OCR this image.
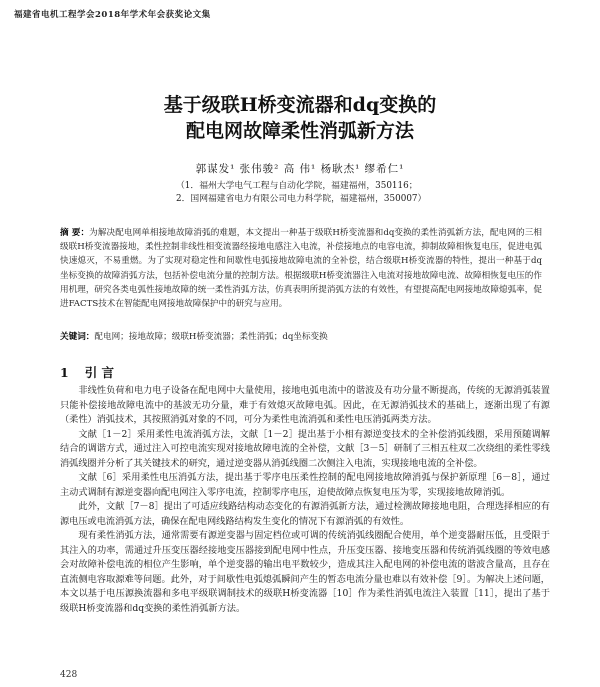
福建省电机工程学会2018年学术年会获奖论文集
基于级联H桥变流器和dq变换的
配电网故障柔性消弧新方法
郭谋发¹ 张伟骏² 高 伟¹ 杨耿杰¹ 缪希仁¹
（1．福州大学电气工程与自动化学院，福建福州，350116；
2．国网福建省电力有限公司电力科学院，福建福州，350007）
摘 要：为解决配电网单相接地故障消弧的难题，本文提出一种基于级联H桥变流器和dq变换的柔性消弧新方法，配电网的三相级联H桥变流器接地，柔性控制非线性相变流器经接地电感注入电流，补偿接地点的电容电流，抑制故障相恢复电压，促进电弧快速熄灭，不易重燃。为了实现对稳定性和间歇性电弧接地故障电流的全补偿，结合级联H桥变流器的特性，提出一种基于dq坐标变换的故障消弧方法，包括补偿电流分量的控制方法。根据级联H桥变流器注入电流对接地故障电流、故障相恢复电压的作用机理，研究各类电弧性接地故障的统一柔性消弧方法，仿真表明所提消弧方法的有效性，有望提高配电网接地故障熄弧率，促进FACTS技术在智能配电网接地故障保护中的研究与应用。
关键词：配电网；接地故障；级联H桥变流器；柔性消弧；dq坐标变换
1 引 言

非线性负荷和电力电子设备在配电网中大量使用，接地电弧电流中的谐波及有功分量不断提高，传统的无源消弧装置只能补偿接地故障电流中的基波无功分量，难于有效熄灭故障电弧。因此，在无源消弧技术的基础上，逐渐出现了有源（柔性）消弧技术，其按照消弧对象的不同，可分为柔性电流消弧和柔性电压消弧两类方法。

文献［1－2］采用柔性电流消弧方法，文献［1－2］提出基于小相有源逆变技术的全补偿消弧线圈，采用预随调解结合的调谐方式，通过注入可控电流实现对接地故障电流的全补偿，文献［3－5］研制了三相五柱双二次绕组的柔性零线消弧线圈并分析了其关键技术的研究，通过逆变器从消弧线圈二次侧注入电流，实现接地电流的全补偿。

文献［6］采用柔性电压消弧方法，提出基于零序电压柔性控制的配电网接地故障消弧与保护新原理［6－8］，通过主动式调制有源逆变器向配电网注入零序电流，控制零序电压，迫使故障点恢复电压为零，实现接地故障消弧。

此外，文献［7－8］提出了可适应线路结构动态变化的有源消弧新方法，通过检测故障接地电阻，合理选择相应的有源电压或电流消弧方法，确保在配电网线路结构发生变化的情况下有源消弧的有效性。

现有柔性消弧方法，通常需要有源逆变器与固定档位或可调的传统消弧线圈配合使用，单个逆变器耐压低，且受限于其注入的功率，需通过升压变压器经接地变压器接到配电网中性点，升压变压器、接地变压器和传统消弧线圈的等效电感会对故障补偿电流的相位产生影响，单个逆变器的输出电平数较少，造成其注入配电网的补偿电流的谐波含量高，且存在直流侧电容取源难等问题。此外，对于间歇性电弧熄弧瞬间产生的暂态电流分量也难以有效补偿［9］。为解决上述问题，本文以基于电压源换流器和多电平级联调制技术的级联H桥变流器［10］作为柔性消弧电流注入装置［11］，提出了基于级联H桥变流器和dq变换的柔性消弧新方法。

428
